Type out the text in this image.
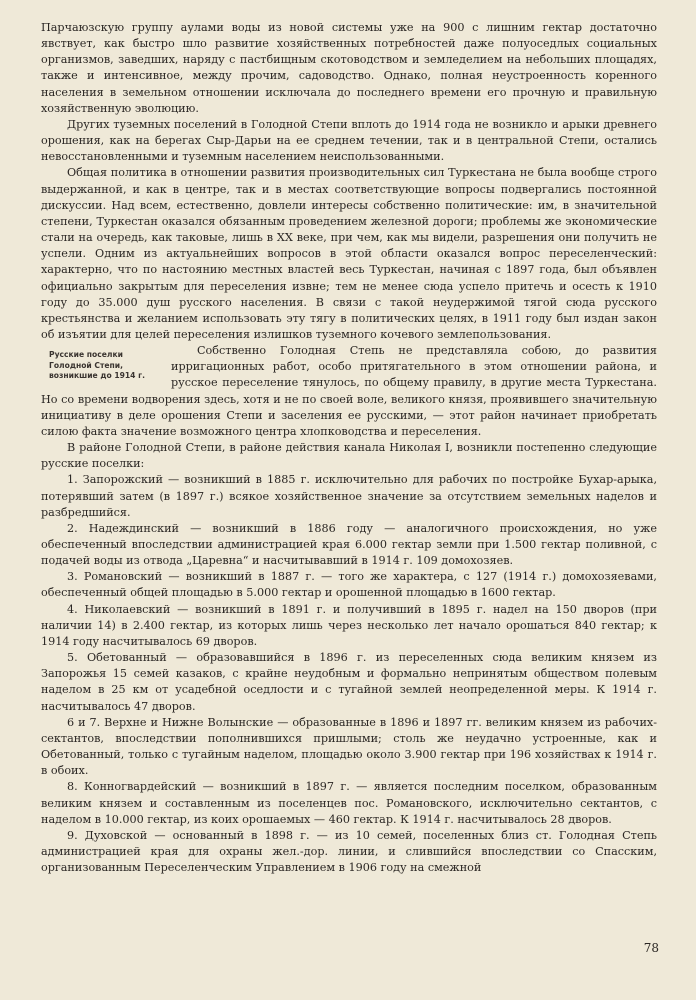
Парчаюзскую группу аулами воды из новой системы уже на 900 с лишним гектар достаточно явствует, как быстро шло развитие хозяйственных потребностей даже полуоседлых социальных организмов, заведших, наряду с пастбищным скотоводством и земледелием на небольших площадях, также и интенсивное, между прочим, садоводство. Однако, полная неустроенность коренного населения в земельном отношении исключала до последнего времени его прочную и правильную хозяйственную эволюцию.

Других туземных поселений в Голодной Степи вплоть до 1914 года не возникло и арыки древнего орошения, как на берегах Сыр-Дарьи на ее среднем течении, так и в центральной Степи, остались невосстановленными и туземным населением неиспользованными.

Общая политика в отношении развития производительных сил Туркестана не была вообще строго выдержанной, и как в центре, так и в местах соответствующие вопросы подвергались постоянной дискуссии. Над всем, естественно, довлели интересы собственно политические: им, в значительной степени, Туркестан оказался обязанным проведением железной дороги; проблемы же экономические стали на очередь, как таковые, лишь в XX веке, при чем, как мы видели, разрешения они получить не успели. Одним из актуальнейших вопросов в этой области оказался вопрос переселенческий: характерно, что по настоянию местных властей весь Туркестан, начиная с 1897 года, был объявлен официально закрытым для переселения извне; тем не менее сюда успело притечь и осесть к 1910 году до 35.000 душ русского населения. В связи с такой неудержимой тягой сюда русского крестьянства и желанием использовать эту тягу в политических целях, в 1911 году был издан закон об изъятии для целей переселения излишков туземного кочевого землепользования.

Русские поселки Голодной Степи, возникшие до 1914 г.

Собственно Голодная Степь не представляла собою, до развития ирригационных работ, особо притягательного в этом отношении района, и русское переселение тянулось, по общему правилу, в другие места Туркестана. Но со времени водворения здесь, хотя и не по своей воле, великого князя, проявившего значительную инициативу в деле орошения Степи и заселения ее русскими, — этот район начинает приобретать силою факта значение возможного центра хлопководства и переселения.

В районе Голодной Степи, в районе действия канала Николая I, возникли постепенно следующие русские поселки:

1. Запорожский — возникший в 1885 г. исключительно для рабочих по постройке Бухар-арыка, потерявший затем (в 1897 г.) всякое хозяйственное значение за отсутствием земельных наделов и разбредшийся.

2. Надеждинский — возникший в 1886 году — аналогичного происхождения, но уже обеспеченный впоследствии администрацией края 6.000 гектар земли при 1.500 гектар поливной, с подачей воды из отвода „Царевна“ и насчитывавший в 1914 г. 109 домохозяев.

3. Романовский — возникший в 1887 г. — того же характера, с 127 (1914 г.) домохозяевами, обеспеченный общей площадью в 5.000 гектар и орошенной площадью в 1600 гектар.

4. Николаевский — возникший в 1891 г. и получивший в 1895 г. надел на 150 дворов (при наличии 14) в 2.400 гектар, из которых лишь через несколько лет начало орошаться 840 гектар; к 1914 году насчитывалось 69 дворов.

5. Обетованный — образовавшийся в 1896 г. из переселенных сюда великим князем из Запорожья 15 семей казаков, с крайне неудобным и формально непринятым обществом полевым наделом в 25 км от усадебной оседлости и с тугайной землей неопределенной меры. К 1914 г. насчитывалось 47 дворов.

6 и 7. Верхне и Нижне Волынские — образованные в 1896 и 1897 гг. великим князем из рабочих-сектантов, впоследствии пополнившихся пришлыми; столь же неудачно устроенные, как и Обетованный, только с тугайным наделом, площадью около 3.900 гектар при 196 хозяйствах к 1914 г. в обоих.

8. Конногвардейский — возникший в 1897 г. — является последним поселком, образованным великим князем и составленным из поселенцев пос. Романовского, исключительно сектантов, с наделом в 10.000 гектар, из коих орошаемых — 460 гектар. К 1914 г. насчитывалось 28 дворов.

9. Духовской — основанный в 1898 г. — из 10 семей, поселенных близ ст. Голодная Степь администрацией края для охраны жел.-дор. линии, и слившийся впоследствии со Спасским, организованным Переселенческим Управлением в 1906 году на смежной

78
